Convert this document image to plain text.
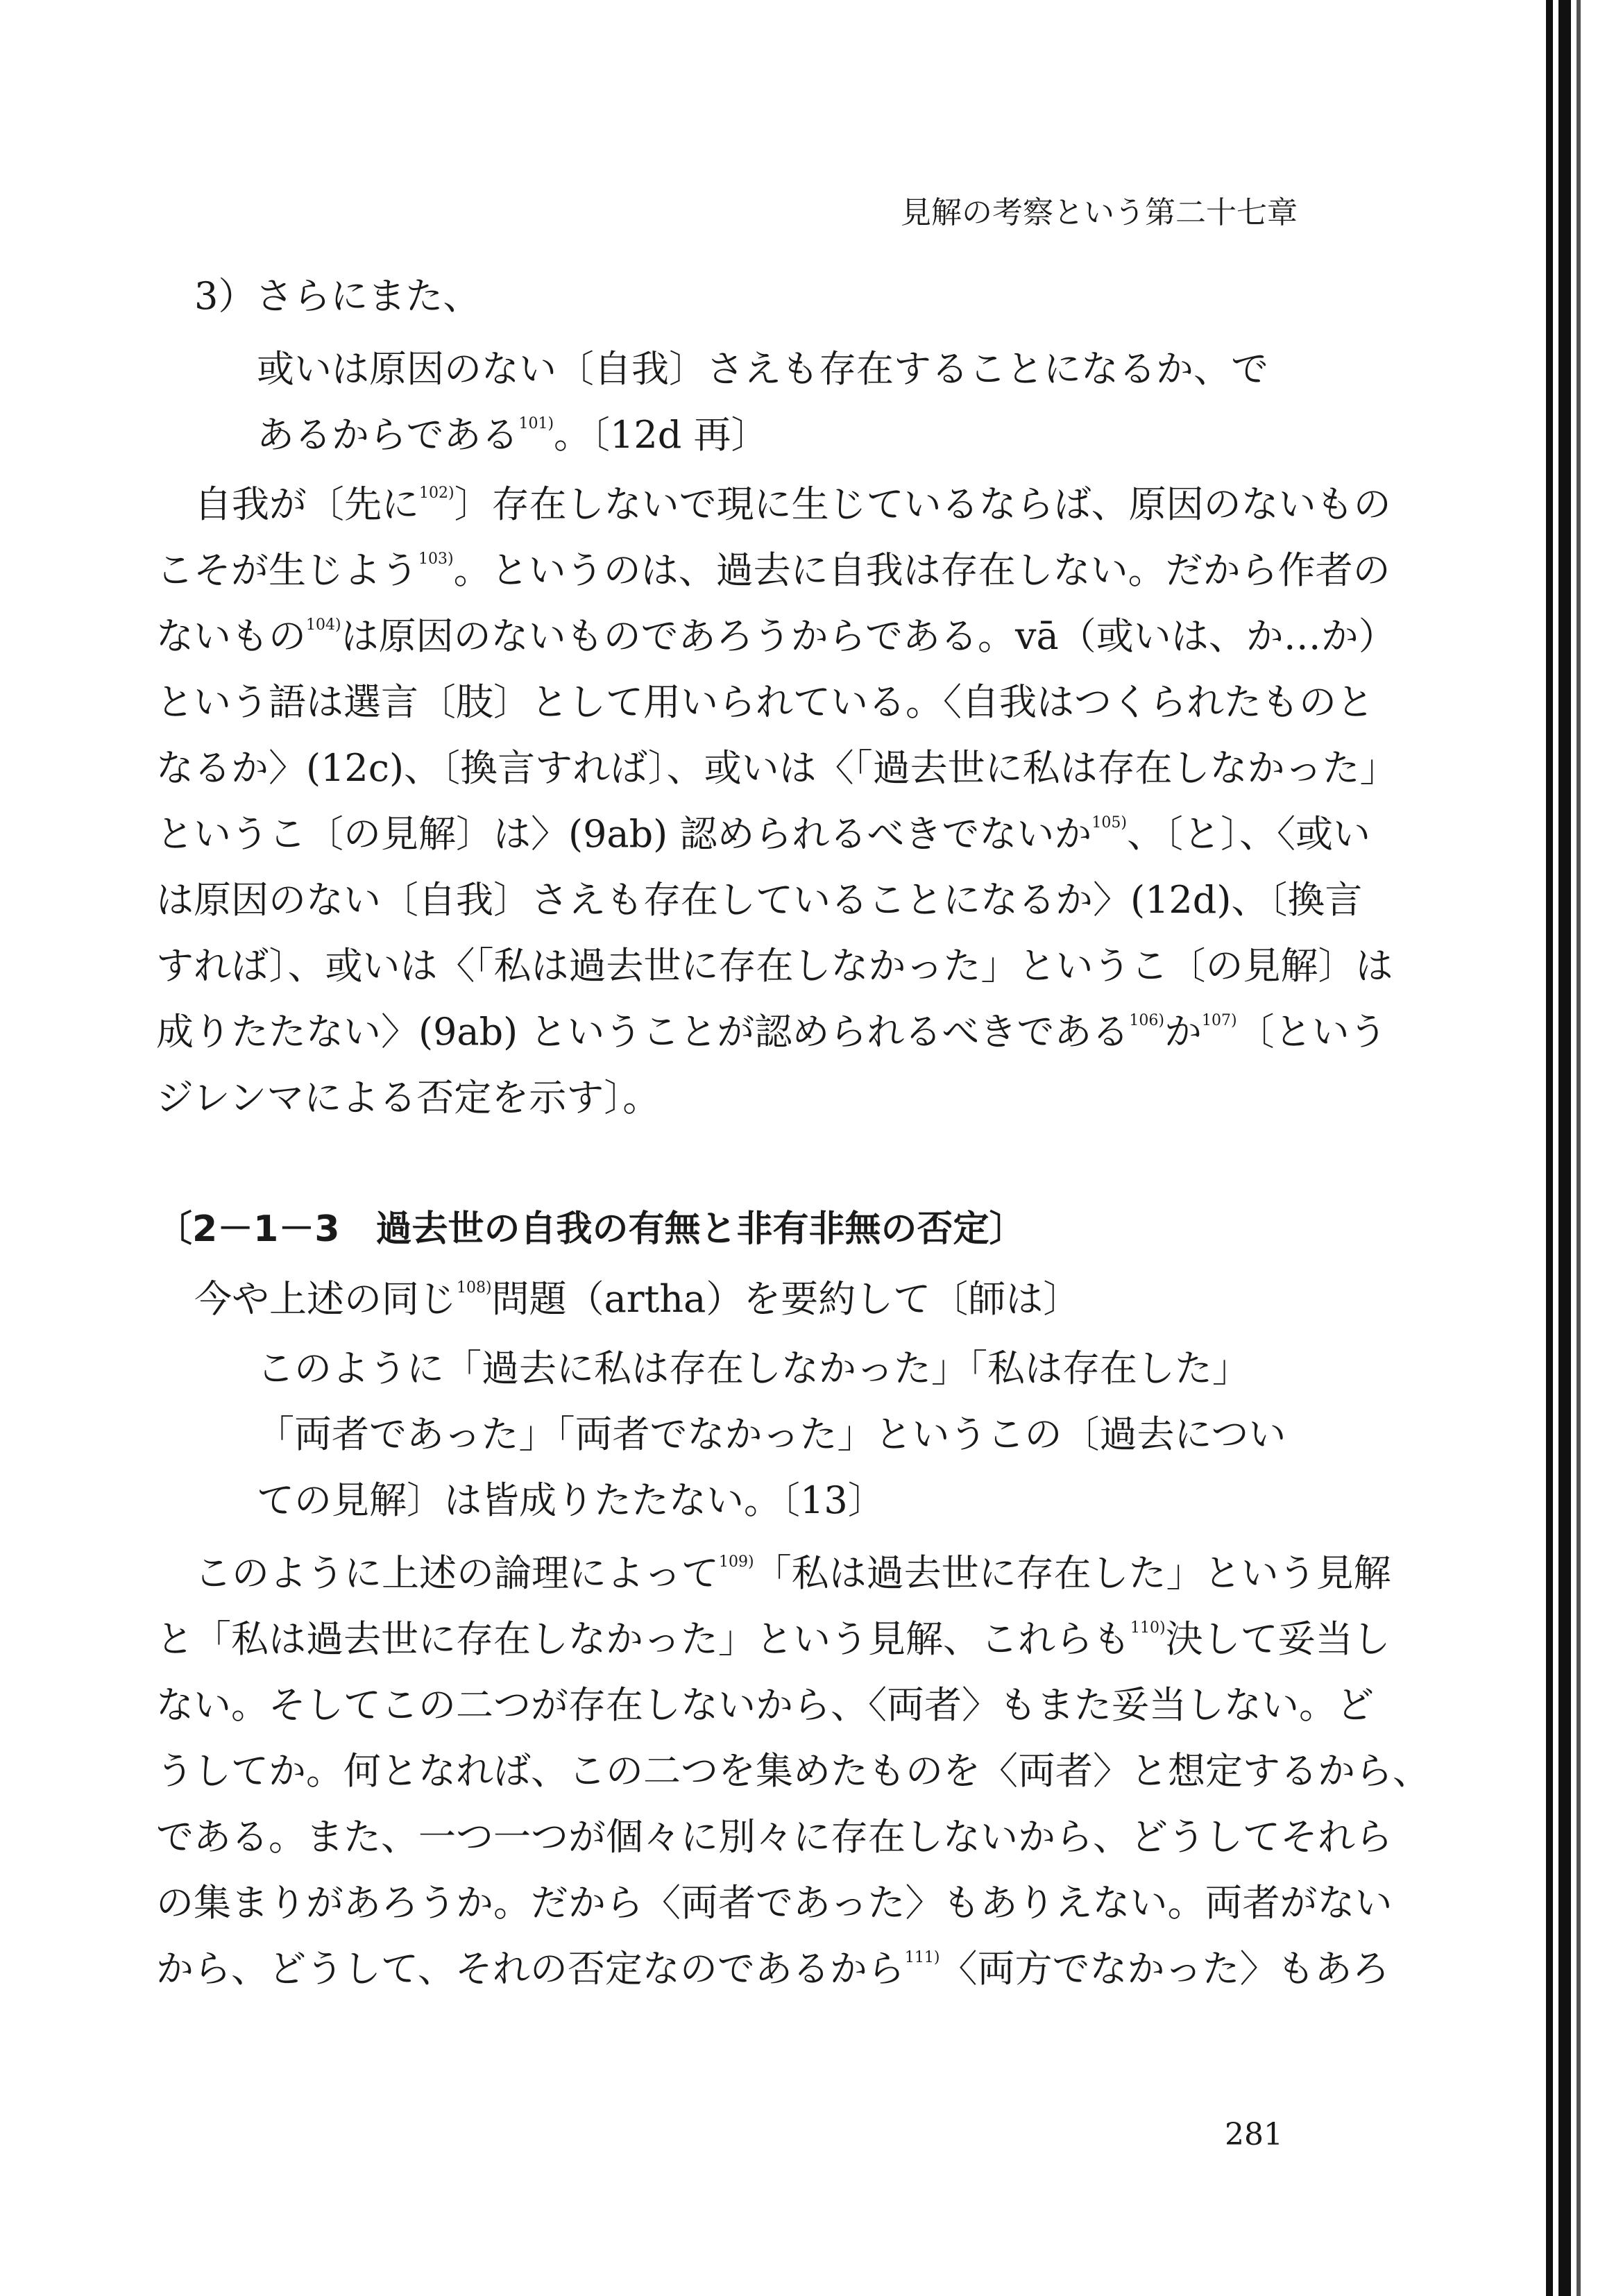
見解の考察という第二十七章
3）さらにまた、
或いは原因のない〔自我〕さえも存在することになるか、で
あるからである$^{101)}$。〔12d 再〕
自我が〔先に$^{102)}$〕存在しないで現に生じているならば、原因のないもの
こそが生じよう$^{103)}$。というのは、過去に自我は存在しない。だから作者の
ないもの$^{104)}$は原因のないものであろうからである。vā（或いは、か…か）
という語は選言〔肢〕として用いられている。〈自我はつくられたものと
なるか〉(12c)、〔換言すれば〕、或いは〈「過去世に私は存在しなかった」
というこ〔の見解〕は〉(9ab) 認められるべきでないか$^{105)}$、〔と〕、〈或い
は原因のない〔自我〕さえも存在していることになるか〉(12d)、〔換言
すれば〕、或いは〈「私は過去世に存在しなかった」というこ〔の見解〕は
成りたたない〉(9ab) ということが認められるべきである$^{106)}$か$^{107)}$〔という
ジレンマによる否定を示す〕。
〔2－1－3　過去世の自我の有無と非有非無の否定〕
今や上述の同じ$^{108)}$問題（artha）を要約して〔師は〕
このように「過去に私は存在しなかった」「私は存在した」
「両者であった」「両者でなかった」というこの〔過去につい
ての見解〕は皆成りたたない。〔13〕
このように上述の論理によって$^{109)}$「私は過去世に存在した」という見解
と「私は過去世に存在しなかった」という見解、これらも$^{110)}$決して妥当し
ない。そしてこの二つが存在しないから、〈両者〉もまた妥当しない。ど
うしてか。何となれば、この二つを集めたものを〈両者〉と想定するから、
である。また、一つ一つが個々に別々に存在しないから、どうしてそれら
の集まりがあろうか。だから〈両者であった〉もありえない。両者がない
から、どうして、それの否定なのであるから$^{111)}$〈両方でなかった〉もあろ
281
